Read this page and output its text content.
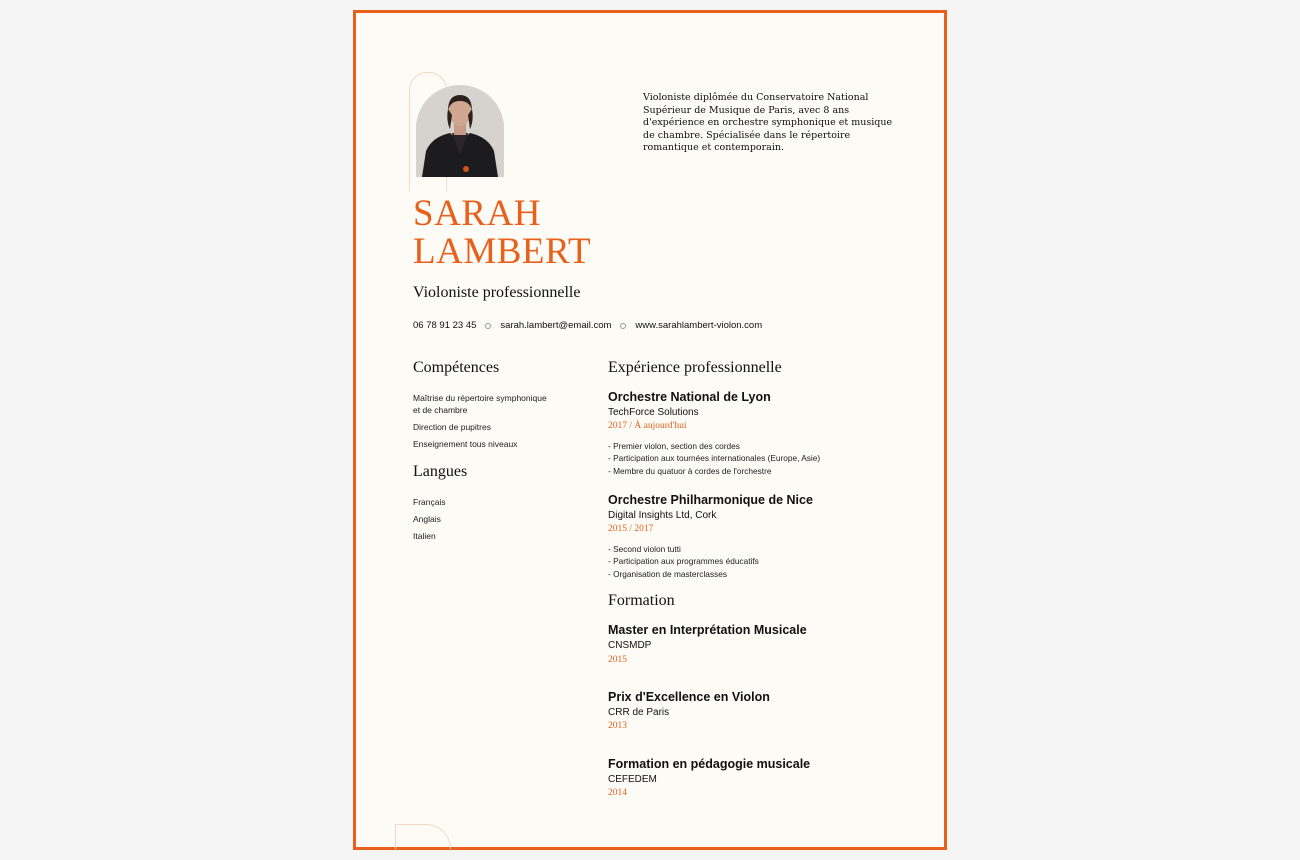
Violoniste diplômée du Conservatoire National Supérieur de Musique de Paris, avec 8 ans d'expérience en orchestre symphonique et musique de chambre. Spécialisée dans le répertoire romantique et contemporain.
SARAH
LAMBERT
Violoniste professionnelle
06 78 91 23 45	sarah.lambert@email.com	www.sarahlambert-violon.com
Compétences
Maîtrise du répertoire symphonique et de chambre
Direction de pupitres
Enseignement tous niveaux
Langues
Français
Anglais
Italien
Expérience professionnelle
Orchestre National de Lyon
TechForce Solutions
2017 / À aujourd'hui
- Premier violon, section des cordes
- Participation aux tournées internationales (Europe, Asie)
- Membre du quatuor à cordes de l'orchestre
Orchestre Philharmonique de Nice
Digital Insights Ltd, Cork
2015 / 2017
- Second violon tutti
- Participation aux programmes éducatifs
- Organisation de masterclasses
Formation
Master en Interprétation Musicale
CNSMDP
2015
Prix d'Excellence en Violon
CRR de Paris
2013
Formation en pédagogie musicale
CEFEDEM
2014
